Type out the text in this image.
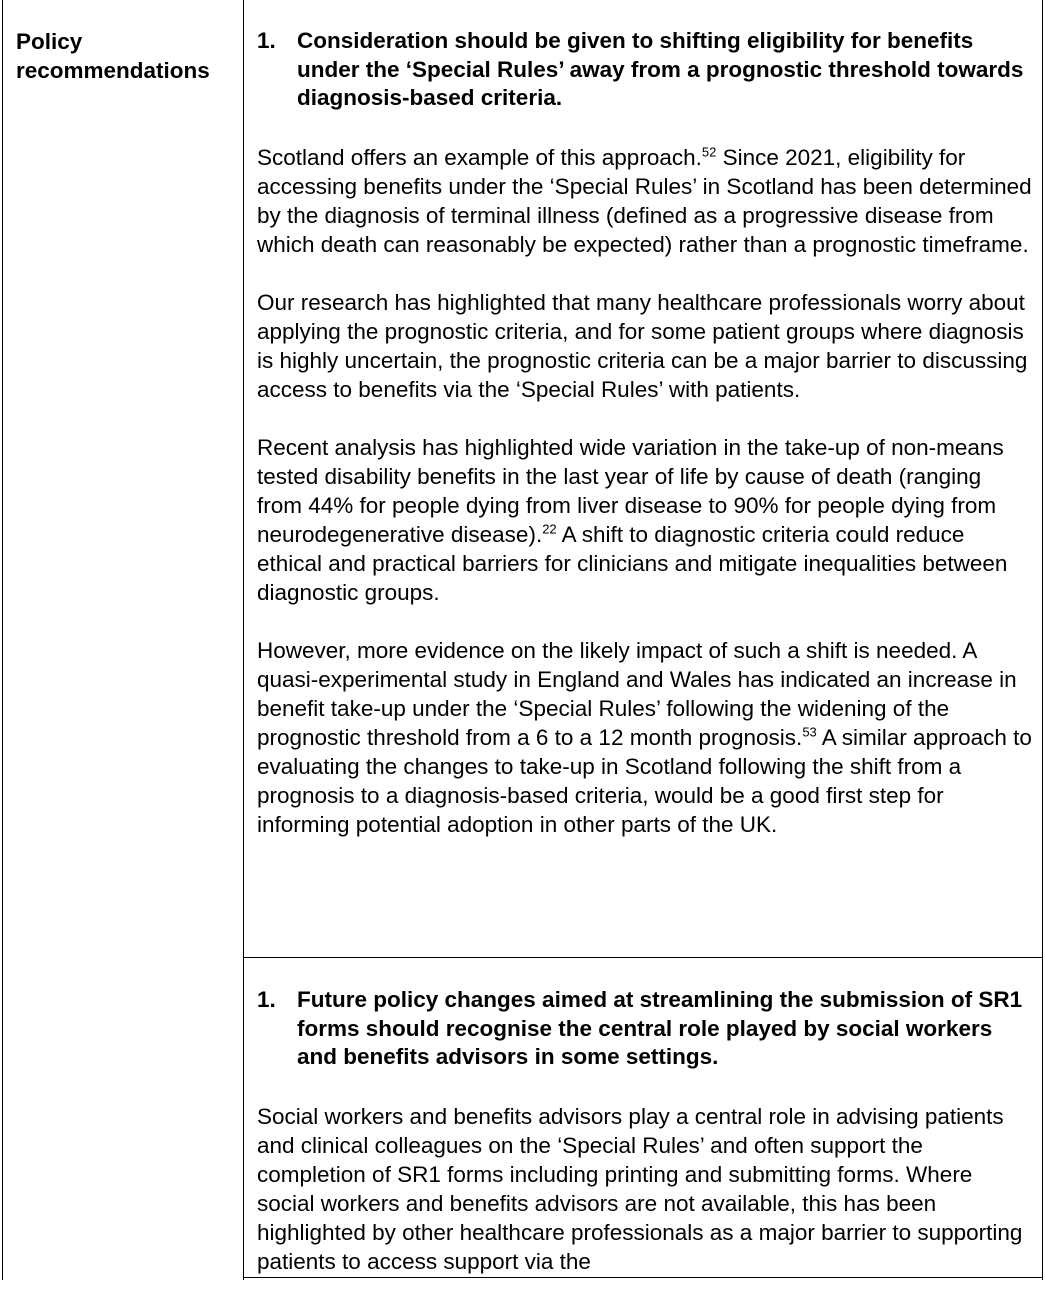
Policy recommendations
1. Consideration should be given to shifting eligibility for benefits under the ‘Special Rules’ away from a prognostic threshold towards diagnosis-based criteria.

Scotland offers an example of this approach.$^{52}$ Since 2021, eligibility for accessing benefits under the ‘Special Rules’ in Scotland has been determined by the diagnosis of terminal illness (defined as a progressive disease from which death can reasonably be expected) rather than a prognostic timeframe.

Our research has highlighted that many healthcare professionals worry about applying the prognostic criteria, and for some patient groups where diagnosis is highly uncertain, the prognostic criteria can be a major barrier to discussing access to benefits via the ‘Special Rules’ with patients.

Recent analysis has highlighted wide variation in the take-up of non-means tested disability benefits in the last year of life by cause of death (ranging from 44% for people dying from liver disease to 90% for people dying from neurodegenerative disease).$^{22}$ A shift to diagnostic criteria could reduce ethical and practical barriers for clinicians and mitigate inequalities between diagnostic groups.

However, more evidence on the likely impact of such a shift is needed. A quasi-experimental study in England and Wales has indicated an increase in benefit take-up under the ‘Special Rules’ following the widening of the prognostic threshold from a 6 to a 12 month prognosis.$^{53}$ A similar approach to evaluating the changes to take-up in Scotland following the shift from a prognosis to a diagnosis-based criteria, would be a good first step for informing potential adoption in other parts of the UK.

1. Future policy changes aimed at streamlining the submission of SR1 forms should recognise the central role played by social workers and benefits advisors in some settings.

Social workers and benefits advisors play a central role in advising patients and clinical colleagues on the ‘Special Rules’ and often support the completion of SR1 forms including printing and submitting forms. Where social workers and benefits advisors are not available, this has been highlighted by other healthcare professionals as a major barrier to supporting patients to access support via the
